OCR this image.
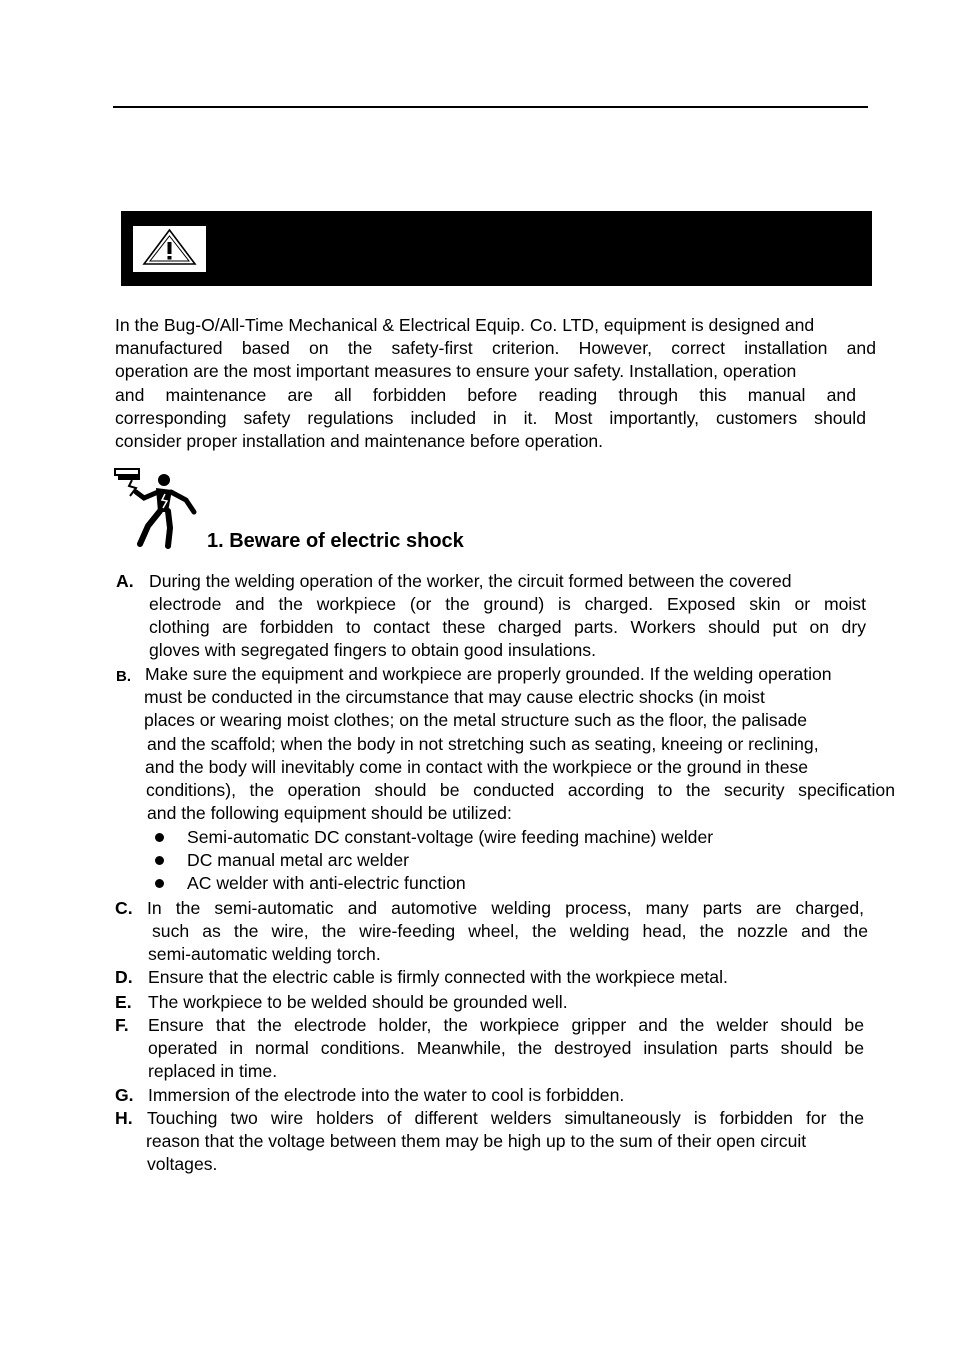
In the Bug-O/All-Time Mechanical & Electrical Equip. Co. LTD, equipment is designed and
manufactured based on the safety-first criterion. However, correct installation and
operation are the most important measures to ensure your safety. Installation, operation
and maintenance are all forbidden before reading through this manual and
corresponding safety regulations included in it. Most importantly, customers should
consider proper installation and maintenance before operation.
1. Beware of electric shock
A. During the welding operation of the worker, the circuit formed between the covered
electrode and the workpiece (or the ground) is charged. Exposed skin or moist
clothing are forbidden to contact these charged parts. Workers should put on dry
gloves with segregated fingers to obtain good insulations.
B. Make sure the equipment and workpiece are properly grounded. If the welding operation
must be conducted in the circumstance that may cause electric shocks (in moist
places or wearing moist clothes; on the metal structure such as the floor, the palisade
and the scaffold; when the body in not stretching such as seating, kneeing or reclining,
and the body will inevitably come in contact with the workpiece or the ground in these
conditions), the operation should be conducted according to the security specification
and the following equipment should be utilized:
Semi-automatic DC constant-voltage (wire feeding machine) welder
DC manual metal arc welder
AC welder with anti-electric function
C. In the semi-automatic and automotive welding process, many parts are charged,
such as the wire, the wire-feeding wheel, the welding head, the nozzle and the
semi-automatic welding torch.
D. Ensure that the electric cable is firmly connected with the workpiece metal.
E. The workpiece to be welded should be grounded well.
F. Ensure that the electrode holder, the workpiece gripper and the welder should be
operated in normal conditions. Meanwhile, the destroyed insulation parts should be
replaced in time.
G. Immersion of the electrode into the water to cool is forbidden.
H. Touching two wire holders of different welders simultaneously is forbidden for the
reason that the voltage between them may be high up to the sum of their open circuit
voltages.
